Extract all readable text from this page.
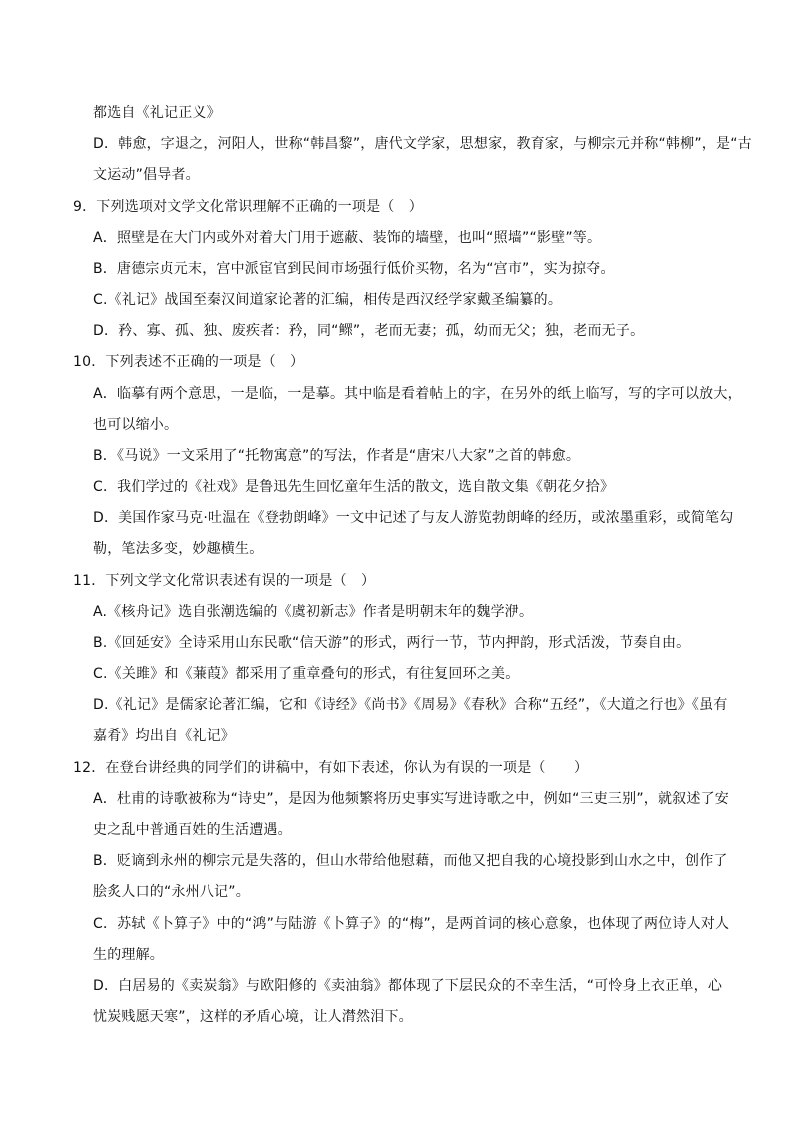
都选自《礼记正义》
D．韩愈，字退之，河阳人，世称“韩昌黎”，唐代文学家，思想家，教育家，与柳宗元并称“韩柳”，是“古
文运动”倡导者。
9．下列选项对文学文化常识理解不正确的一项是（　）
A．照壁是在大门内或外对着大门用于遮蔽、装饰的墙壁，也叫“照墙”“影壁”等。
B．唐德宗贞元末，宫中派宦官到民间市场强行低价买物，名为“宫市”，实为掠夺。
C.《礼记》战国至秦汉间道家论著的汇编，相传是西汉经学家戴圣编纂的。
D．矜、寡、孤、独、废疾者：矜，同“鳏”，老而无妻；孤，幼而无父；独，老而无子。
10．下列表述不正确的一项是（　）
A．临摹有两个意思，一是临，一是摹。其中临是看着帖上的字，在另外的纸上临写，写的字可以放大，
也可以缩小。
B．《马说》一文采用了“托物寓意”的写法，作者是“唐宋八大家”之首的韩愈。
C．我们学过的《社戏》是鲁迅先生回忆童年生活的散文，选自散文集《朝花夕拾》
D．美国作家马克·吐温在《登勃朗峰》一文中记述了与友人游览勃朗峰的经历，或浓墨重彩，或简笔勾
勒，笔法多变，妙趣横生。
11．下列文学文化常识表述有误的一项是（　）
A.《核舟记》选自张潮选编的《虞初新志》作者是明朝末年的魏学洢。
B.《回延安》全诗采用山东民歌“信天游”的形式，两行一节，节内押韵，形式活泼，节奏自由。
C.《关雎》和《蒹葭》都采用了重章叠句的形式，有往复回环之美。
D.《礼记》是儒家论著汇编，它和《诗经》《尚书》《周易》《春秋》合称“五经”，《大道之行也》《虽有
嘉肴》均出自《礼记》
12．在登台讲经典的同学们的讲稿中，有如下表述，你认为有误的一项是（　　）
A．杜甫的诗歌被称为“诗史”，是因为他频繁将历史事实写进诗歌之中，例如“三吏三别”，就叙述了安
史之乱中普通百姓的生活遭遇。
B．贬谪到永州的柳宗元是失落的，但山水带给他慰藉，而他又把自我的心境投影到山水之中，创作了
脍炙人口的“永州八记”。
C．苏轼《卜算子》中的“鸿”与陆游《卜算子》的“梅”，是两首词的核心意象，也体现了两位诗人对人
生的理解。
D．白居易的《卖炭翁》与欧阳修的《卖油翁》都体现了下层民众的不幸生活，“可怜身上衣正单，心
忧炭贱愿天寒”，这样的矛盾心境，让人潸然泪下。
